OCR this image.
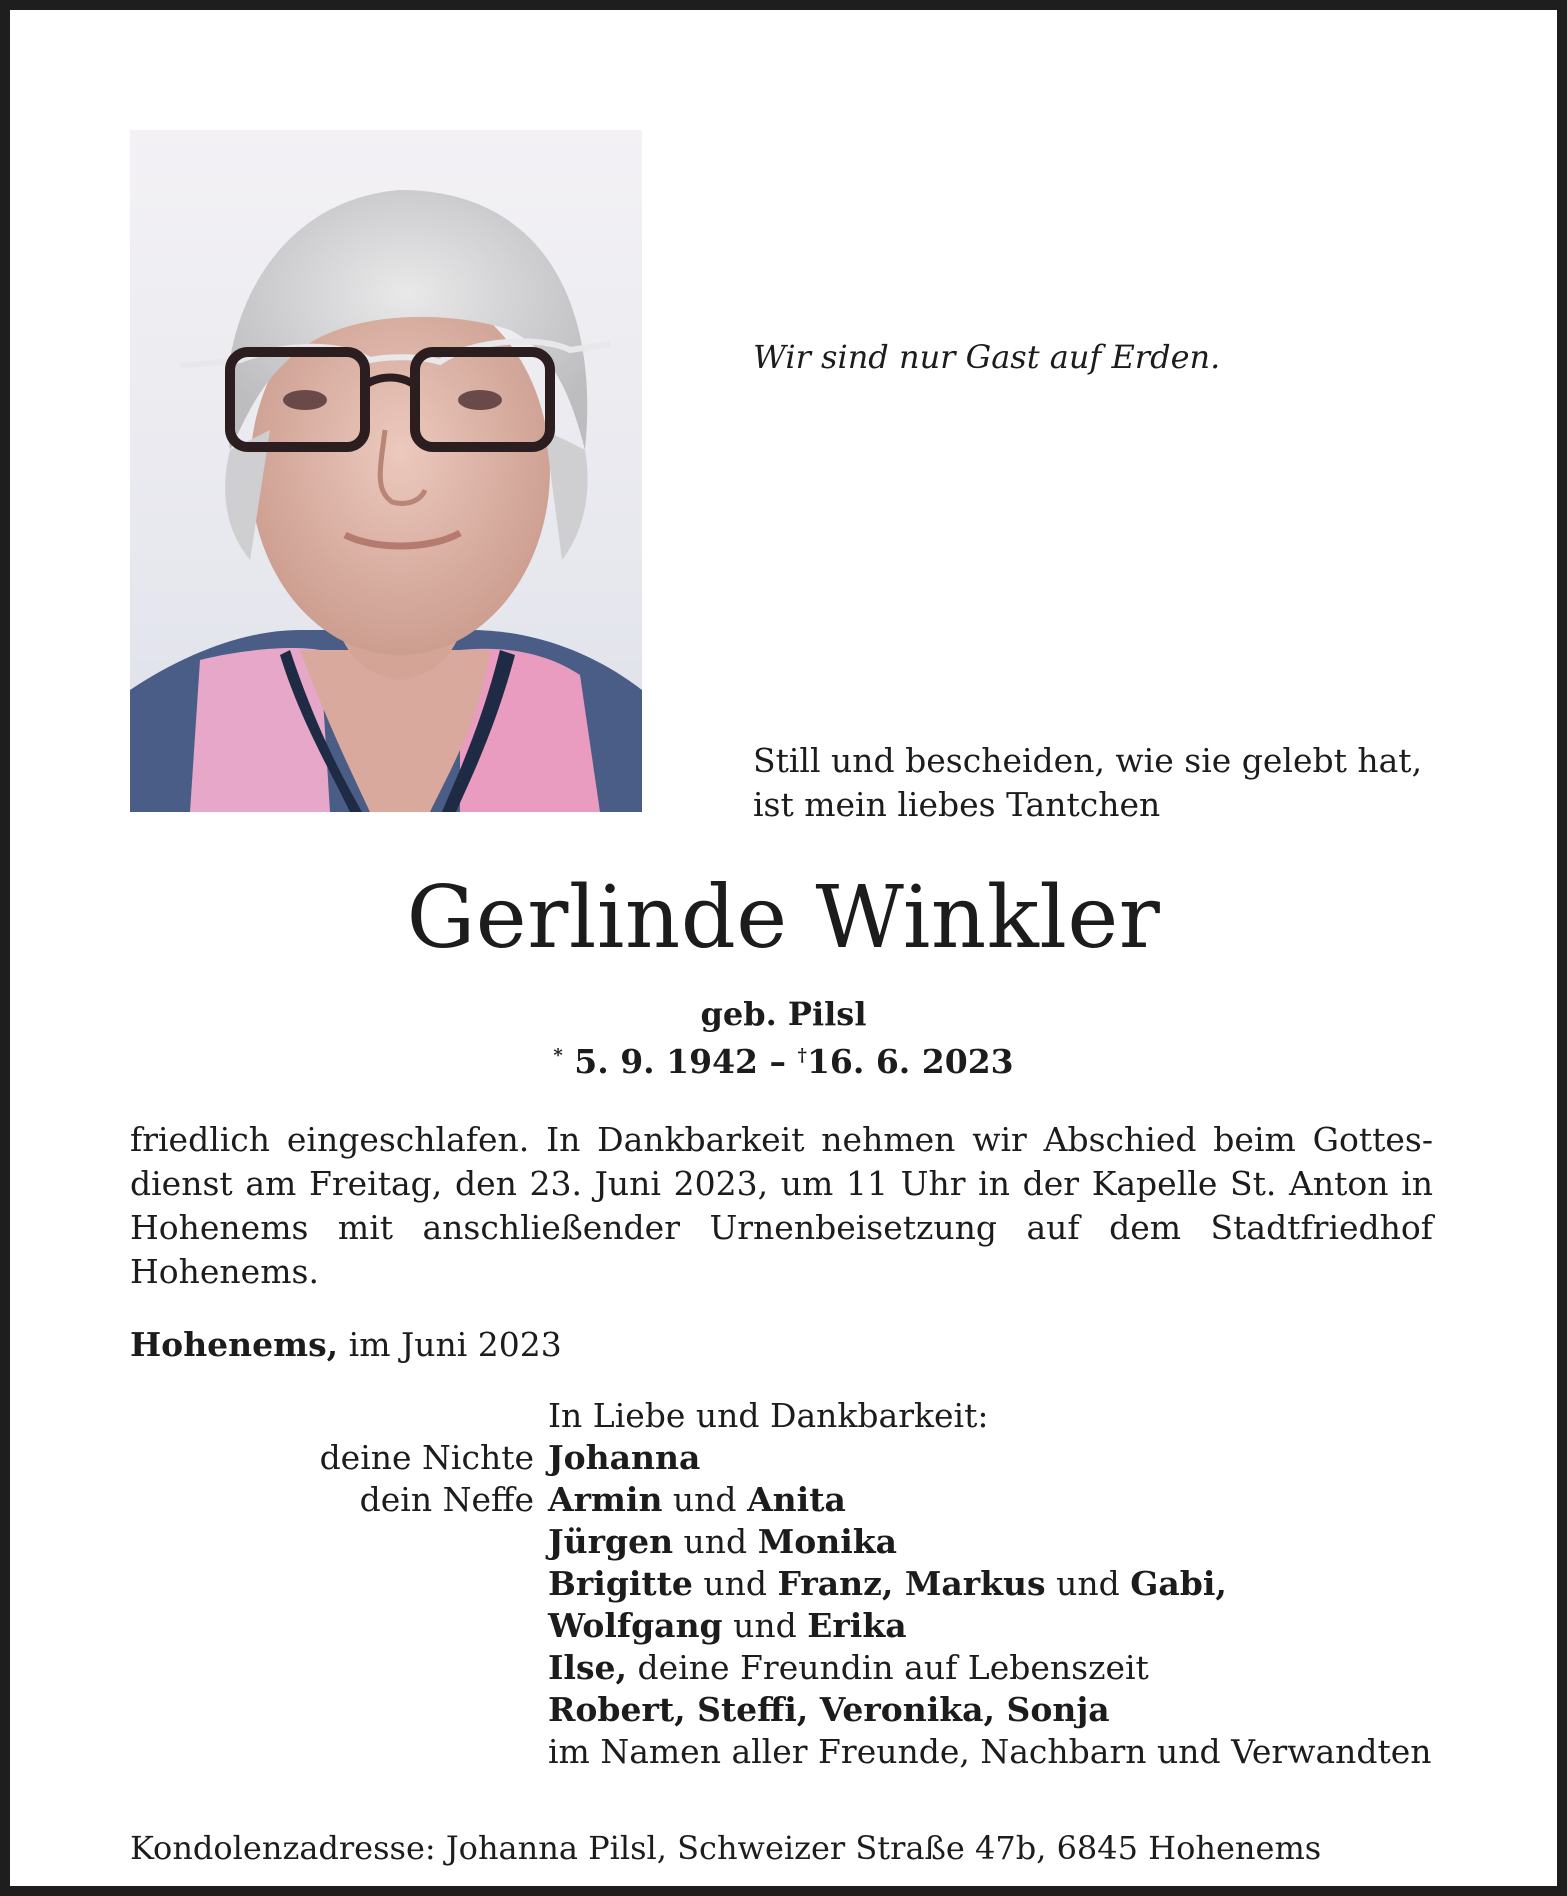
Wir sind nur Gast auf Erden.
Still und bescheiden, wie sie gelebt hat,
ist mein liebes Tantchen
Gerlinde Winkler
geb. Pilsl
* 5. 9. 1942 – †16. 6. 2023
friedlich eingeschlafen. In Dankbarkeit nehmen wir Abschied beim Gottesdienst am Freitag, den 23. Juni 2023, um 11 Uhr in der Kapelle St. Anton in Hohenems mit anschließender Urnenbeisetzung auf dem Stadtfriedhof Hohenems.
Hohenems, im Juni 2023
In Liebe und Dankbarkeit:
deine Nichte Johanna
dein Neffe Armin und Anita
Jürgen und Monika
Brigitte und Franz, Markus und Gabi,
Wolfgang und Erika
Ilse, deine Freundin auf Lebenszeit
Robert, Steffi, Veronika, Sonja
im Namen aller Freunde, Nachbarn und Verwandten
Kondolenzadresse: Johanna Pilsl, Schweizer Straße 47b, 6845 Hohenems
